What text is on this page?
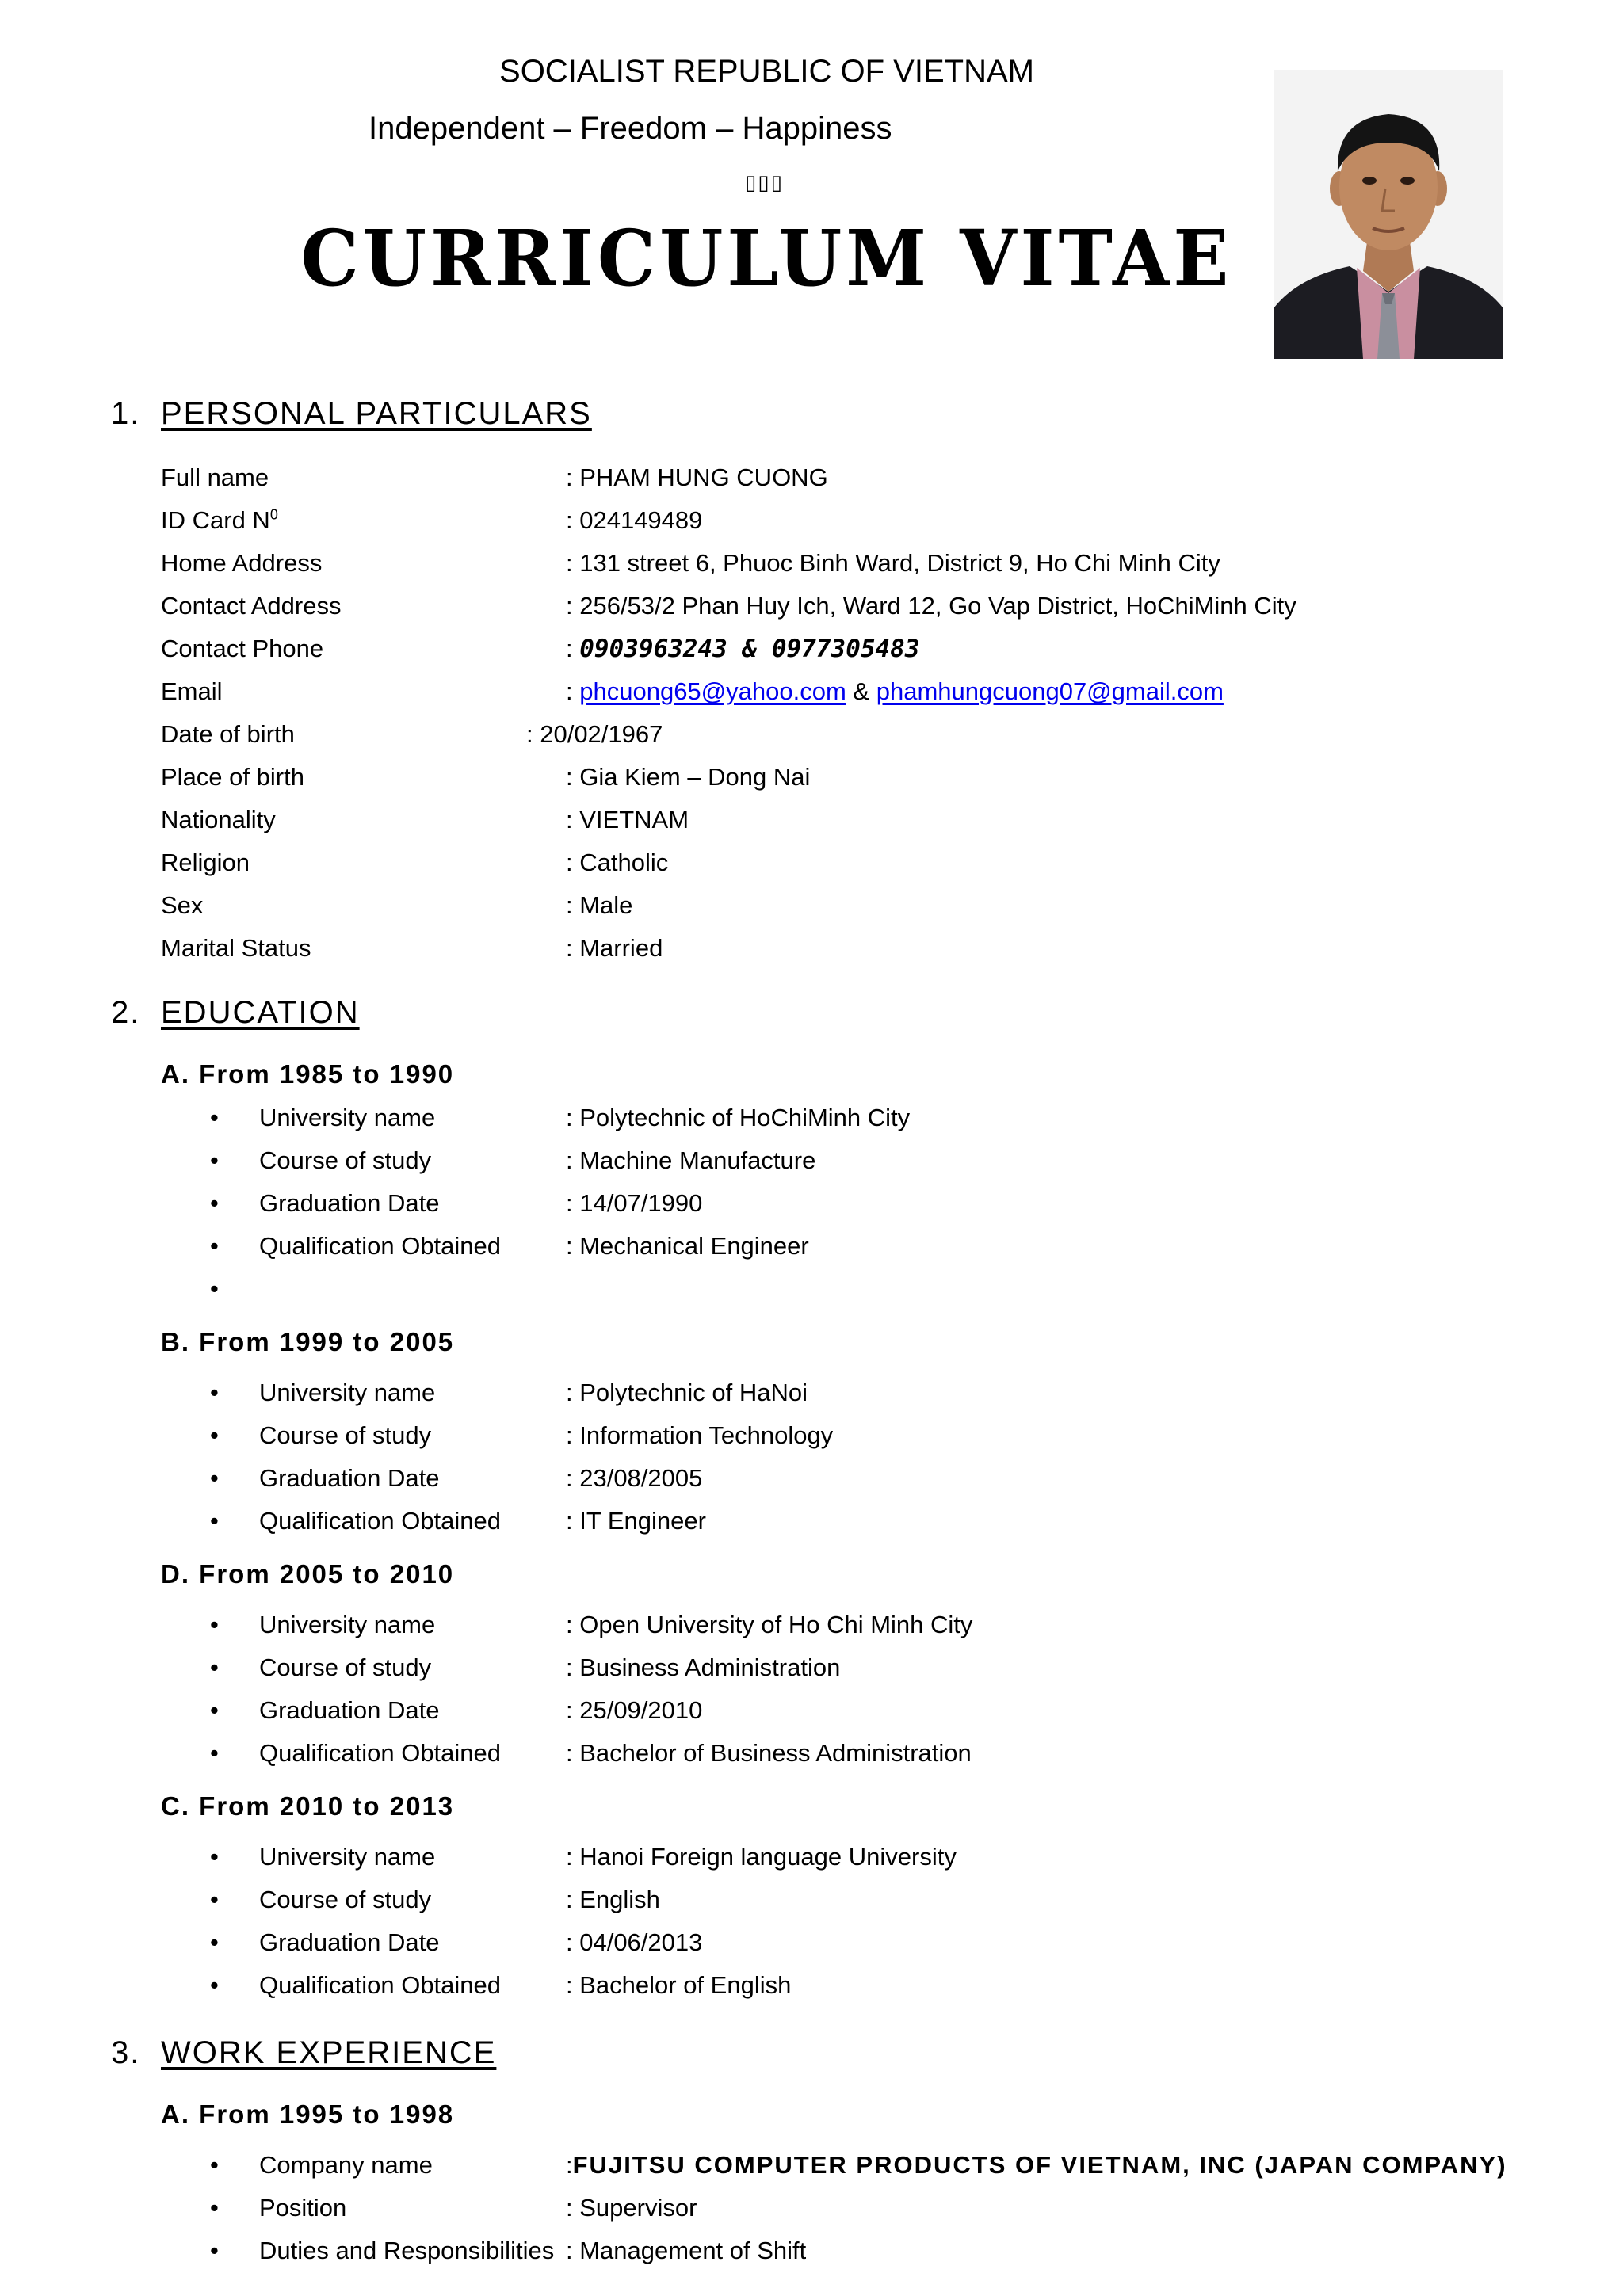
SOCIALIST REPUBLIC OF VIETNAM
Independent – Freedom – Happiness
▯▯▯
CURRICULUM VITAE
1. PERSONAL PARTICULARS
Full name	: PHAM HUNG CUONG
ID Card $N^0$	: 024149489
Home Address	: 131 street 6, Phuoc Binh Ward, District 9, Ho Chi Minh City
Contact Address	: 256/53/2 Phan Huy Ich, Ward 12, Go Vap District, HoChiMinh City
Contact Phone	: 0903963243 & 0977305483
Email	: phcuong65@yahoo.com & phamhungcuong07@gmail.com
Date of birth	: 20/02/1967
Place of birth	: Gia Kiem – Dong Nai
Nationality	: VIETNAM
Religion	: Catholic
Sex	: Male
Marital Status	: Married
2. EDUCATION
A. From 1985 to 1990
• University name	: Polytechnic of HoChiMinh City
• Course of study	: Machine Manufacture
• Graduation Date	: 14/07/1990
• Qualification Obtained	: Mechanical Engineer
•
B. From 1999 to 2005
• University name	: Polytechnic of HaNoi
• Course of study	: Information Technology
• Graduation Date	: 23/08/2005
• Qualification Obtained	: IT Engineer
D. From 2005 to 2010
• University name	: Open University of Ho Chi Minh City
• Course of study	: Business Administration
• Graduation Date	: 25/09/2010
• Qualification Obtained	: Bachelor of Business Administration
C. From 2010 to 2013
• University name	: Hanoi Foreign language University
• Course of study	: English
• Graduation Date	: 04/06/2013
• Qualification Obtained	: Bachelor of English
3. WORK EXPERIENCE
A. From 1995 to 1998
• Company name	:FUJITSU COMPUTER PRODUCTS OF VIETNAM, INC (JAPAN COMPANY)
• Position	: Supervisor
• Duties and Responsibilities : Management of Shift
